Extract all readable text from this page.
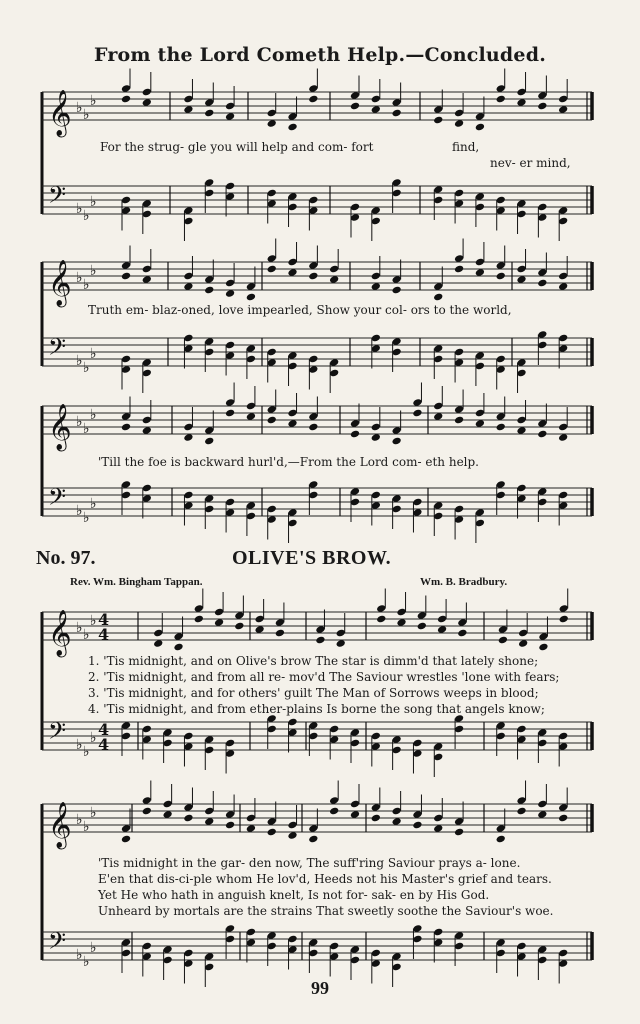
From the Lord Cometh Help.—Concluded.
𝄞 ♭ ♭
♭
𝄢 ♭ ♭
♭
𝄞 ♭ ♭
♭
𝄢 ♭ ♭
♭
𝄞 ♭ ♭
♭
𝄢 ♭ ♭
♭
𝄞 ♭ ♭
♭
𝄢 ♭ ♭
♭
𝄞 ♭ ♭
♭
𝄢 ♭ ♭
♭
4
4
4
4
For the strug- gle you will help and com- fort	find,
nev- er mind,
Truth em- blaz-oned, love impearled, Show your col- ors to the world,
'Till the foe is backward hurl'd,—From the Lord com- eth help.
No. 97.	OLIVE'S BROW.
Rev. Wm. Bingham Tappan.	Wm. B. Bradbury.
1. 'Tis midnight, and on Olive's brow The star is dimm'd that lately shone;
2. 'Tis midnight, and from all re- mov'd The Saviour wrestles 'lone with fears;
3. 'Tis midnight, and for others' guilt The Man of Sorrows weeps in blood;
4. 'Tis midnight, and from ether-plains Is borne the song that angels know;
'Tis midnight in the gar- den now, The suff'ring Saviour prays a- lone.
E'en that dis-ci-ple whom He lov'd, Heeds not his Master's grief and tears.
Yet He who hath in anguish knelt, Is not for- sak- en by His God.
Unheard by mortals are the strains That sweetly soothe the Saviour's woe.
99
